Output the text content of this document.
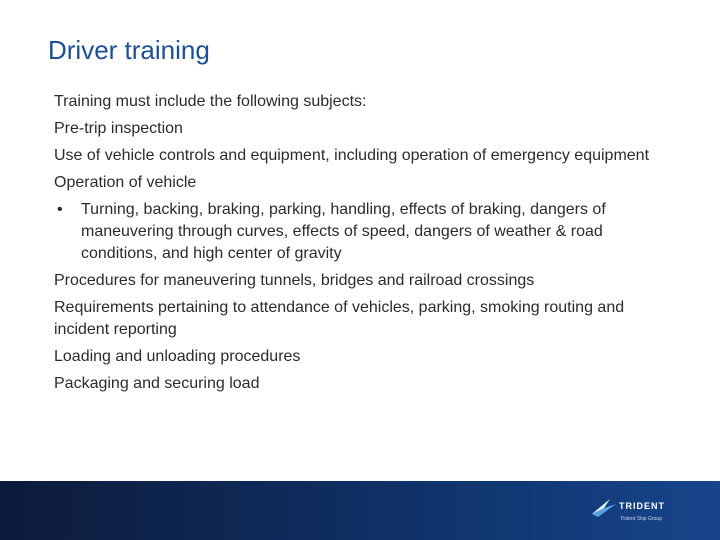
Driver training
Training must include the following subjects:
Pre-trip inspection
Use of vehicle controls and equipment, including operation of emergency equipment
Operation of vehicle
• Turning, backing, braking, parking, handling, effects of braking, dangers of maneuvering through curves, effects of speed, dangers of weather & road conditions, and high center of gravity
Procedures for maneuvering tunnels, bridges and railroad crossings
Requirements pertaining to attendance of vehicles, parking, smoking routing and incident reporting
Loading and unloading procedures
Packaging and securing load
TRIDENT
Trident Ship Group
